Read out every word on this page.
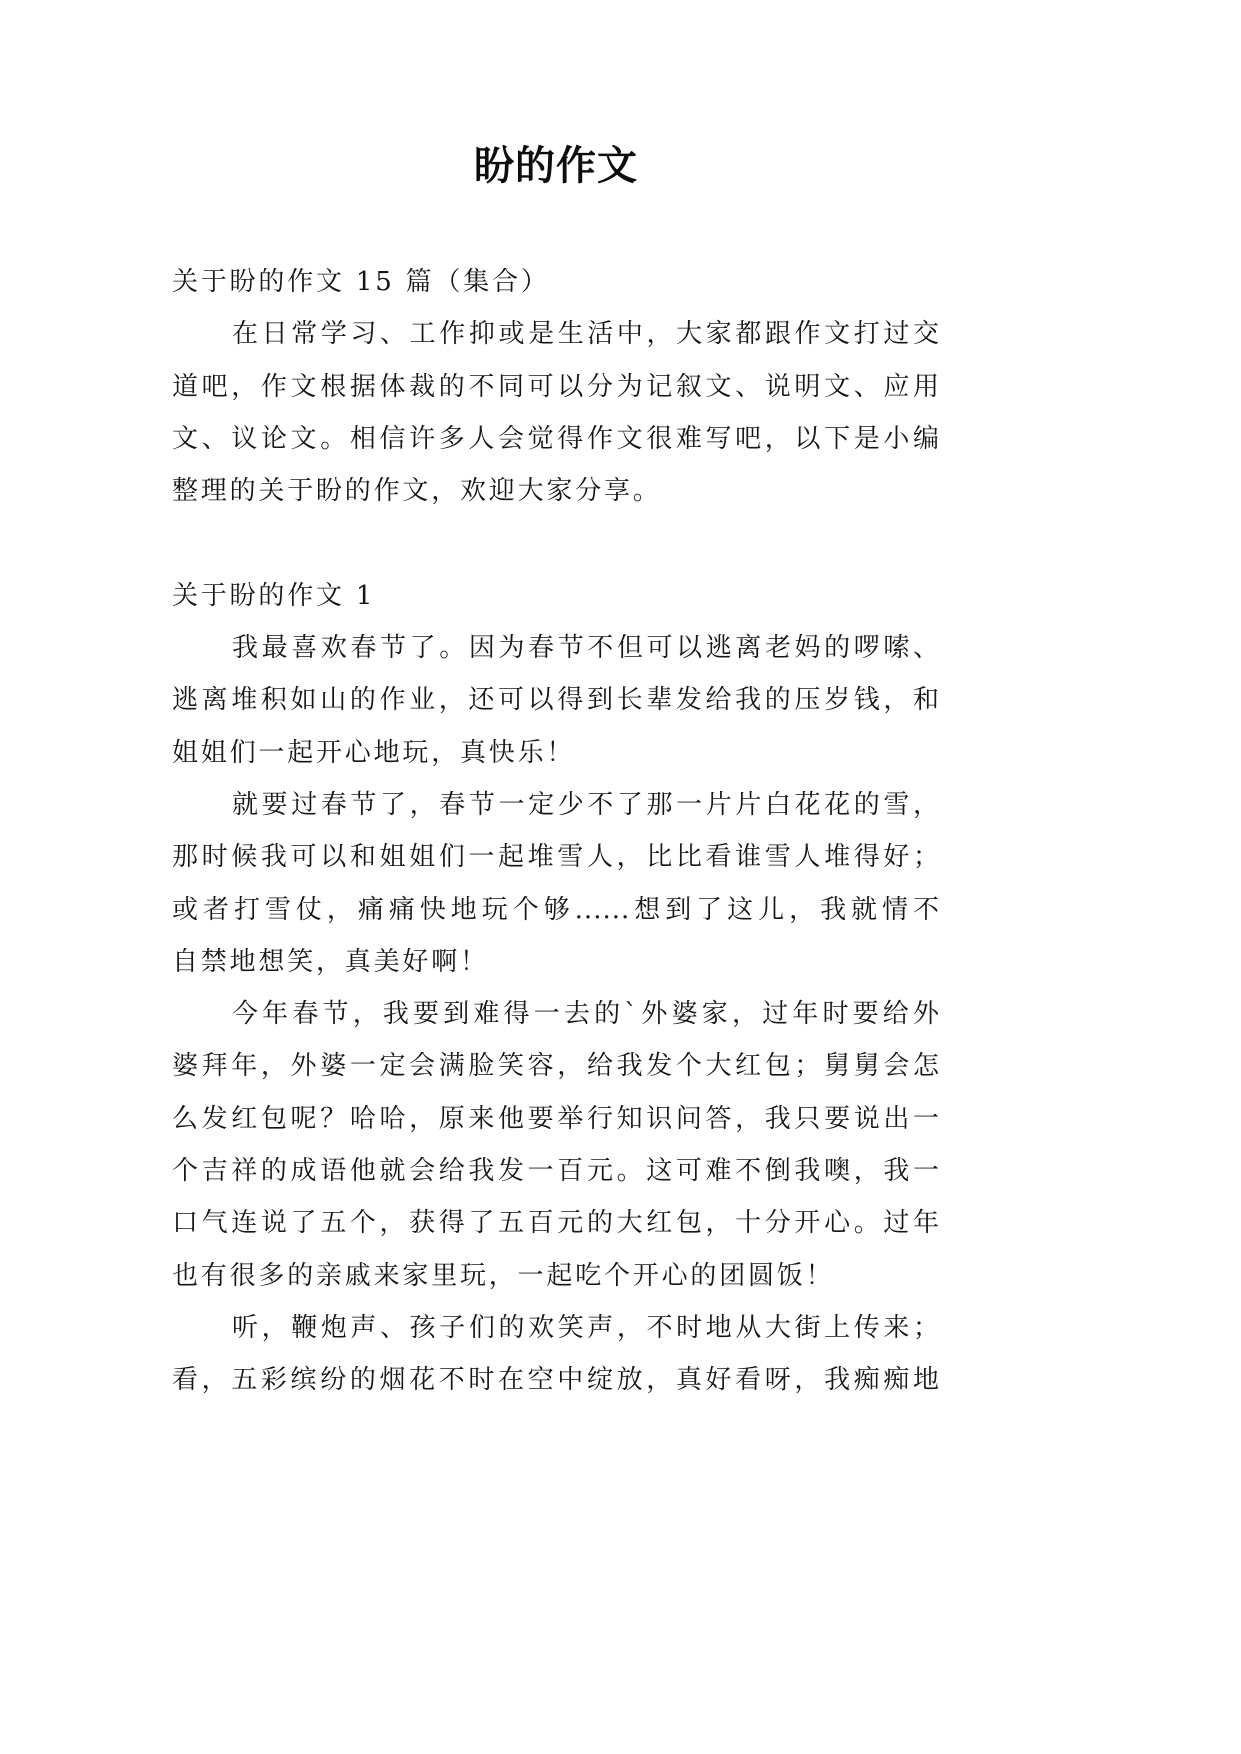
盼的作文
关于盼的作文 15 篇（集合）
在日常学习、工作抑或是生活中，大家都跟作文打过交
道吧，作文根据体裁的不同可以分为记叙文、说明文、应用
文、议论文。相信许多人会觉得作文很难写吧，以下是小编
整理的关于盼的作文，欢迎大家分享。
关于盼的作文 1
我最喜欢春节了。因为春节不但可以逃离老妈的啰嗦、
逃离堆积如山的作业，还可以得到长辈发给我的压岁钱，和
姐姐们一起开心地玩，真快乐！
就要过春节了，春节一定少不了那一片片白花花的雪，
那时候我可以和姐姐们一起堆雪人，比比看谁雪人堆得好；
或者打雪仗，痛痛快地玩个够......想到了这儿，我就情不
自禁地想笑，真美好啊！
今年春节，我要到难得一去的`外婆家，过年时要给外
婆拜年，外婆一定会满脸笑容，给我发个大红包；舅舅会怎
么发红包呢？哈哈，原来他要举行知识问答，我只要说出一
个吉祥的成语他就会给我发一百元。这可难不倒我噢，我一
口气连说了五个，获得了五百元的大红包，十分开心。过年
也有很多的亲戚来家里玩，一起吃个开心的团圆饭！
听，鞭炮声、孩子们的欢笑声，不时地从大街上传来；
看，五彩缤纷的烟花不时在空中绽放，真好看呀，我痴痴地
